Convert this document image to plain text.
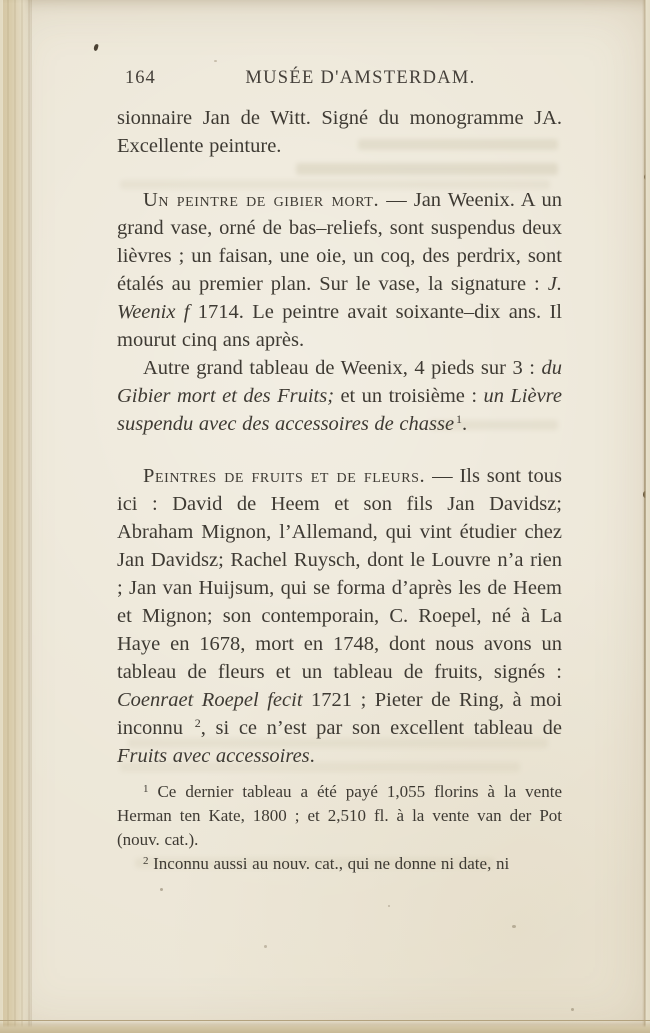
164	MUSÉE D'AMSTERDAM.

sionnaire Jan de Witt. Signé du monogramme JA. Excellente peinture.

Un peintre de gibier mort. — Jan Weenix. A un grand vase, orné de bas–reliefs, sont suspendus deux lièvres ; un faisan, une oie, un coq, des perdrix, sont étalés au premier plan. Sur le vase, la signature : J. Weenix f 1714. Le peintre avait soixante–dix ans. Il mourut cinq ans après.

Autre grand tableau de Weenix, 4 pieds sur 3 : du Gibier mort et des Fruits; et un troisième : un Lièvre suspendu avec des accessoires de chasse $^1$.

Peintres de fruits et de fleurs. — Ils sont tous ici : David de Heem et son fils Jan Davidsz; Abraham Mignon, l’Allemand, qui vint étudier chez Jan Davidsz; Rachel Ruysch, dont le Louvre n’a rien ; Jan van Huijsum, qui se forma d’après les de Heem et Mignon; son contemporain, C. Roepel, né à La Haye en 1678, mort en 1748, dont nous avons un tableau de fleurs et un tableau de fruits, signés : Coenraet Roepel fecit 1721 ; Pieter de Ring, à moi inconnu $^2$, si ce n’est par son excellent tableau de Fruits avec accessoires.

$^1$ Ce dernier tableau a été payé 1,055 florins à la vente Herman ten Kate, 1800 ; et 2,510 fl. à la vente van der Pot (nouv. cat.).

$^2$ Inconnu aussi au nouv. cat., qui ne donne ni date, ni
